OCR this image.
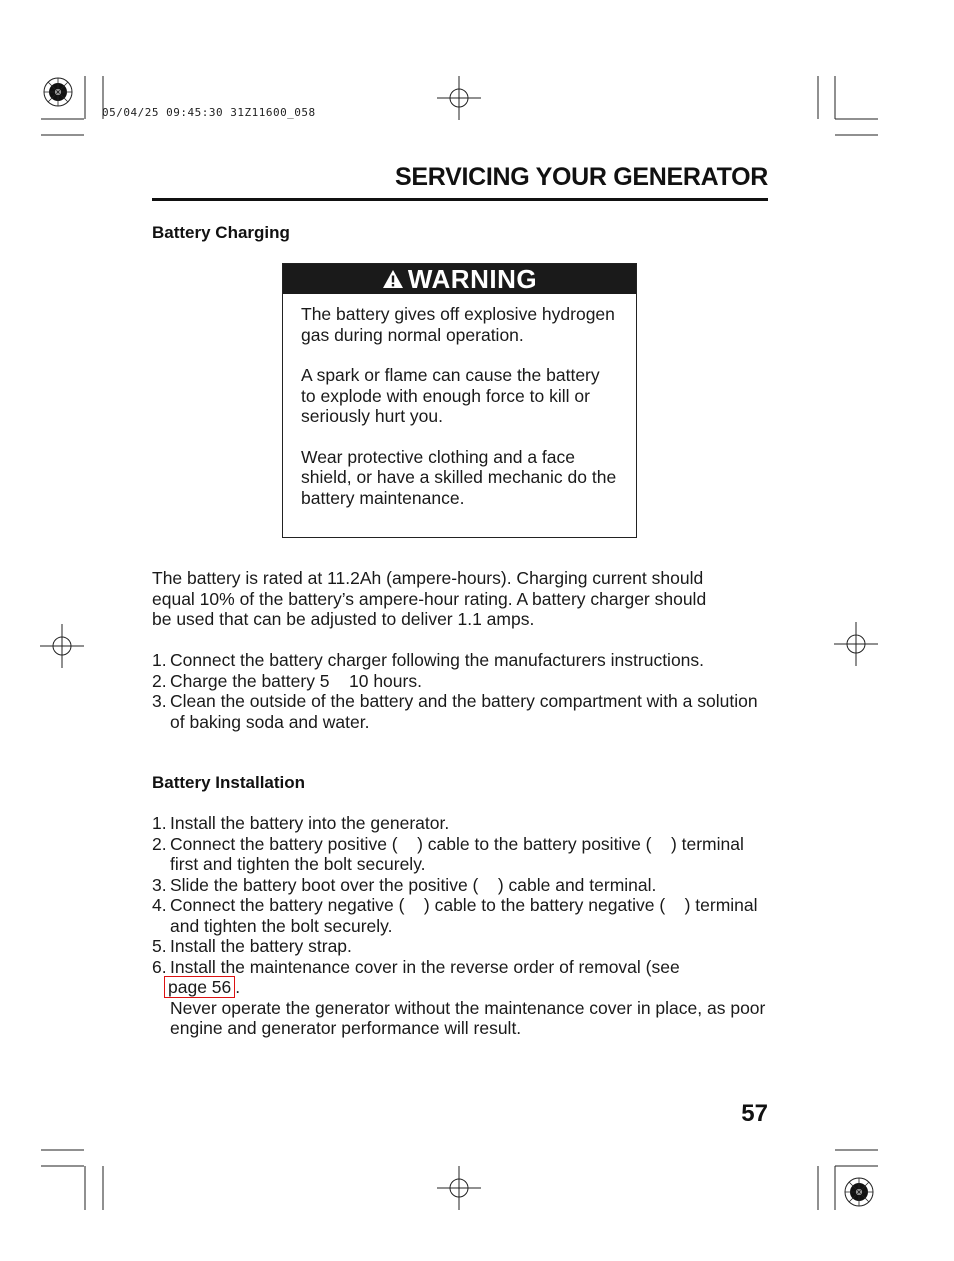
05/04/25 09:45:30 31Z11600_058
SERVICING YOUR GENERATOR
Battery Charging
WARNING

The battery gives off explosive hydrogen gas during normal operation.

A spark or flame can cause the battery to explode with enough force to kill or seriously hurt you.

Wear protective clothing and a face shield, or have a skilled mechanic do the battery maintenance.

The battery is rated at 11.2Ah (ampere-hours). Charging current should equal 10% of the battery’s ampere-hour rating. A battery charger should be used that can be adjusted to deliver 1.1 amps.

1. Connect the battery charger following the manufacturers instructions.
2. Charge the battery 5    10 hours.
3. Clean the outside of the battery and the battery compartment with a solution of baking soda and water.
Battery Installation
1. Install the battery into the generator.
2. Connect the battery positive (    ) cable to the battery positive (    ) terminal first and tighten the bolt securely.
3. Slide the battery boot over the positive (    ) cable and terminal.
4. Connect the battery negative (    ) cable to the battery negative (    ) terminal and tighten the bolt securely.
5. Install the battery strap.
6. Install the maintenance cover in the reverse order of removal (see
page 56 .
Never operate the generator without the maintenance cover in place, as poor engine and generator performance will result.
57
